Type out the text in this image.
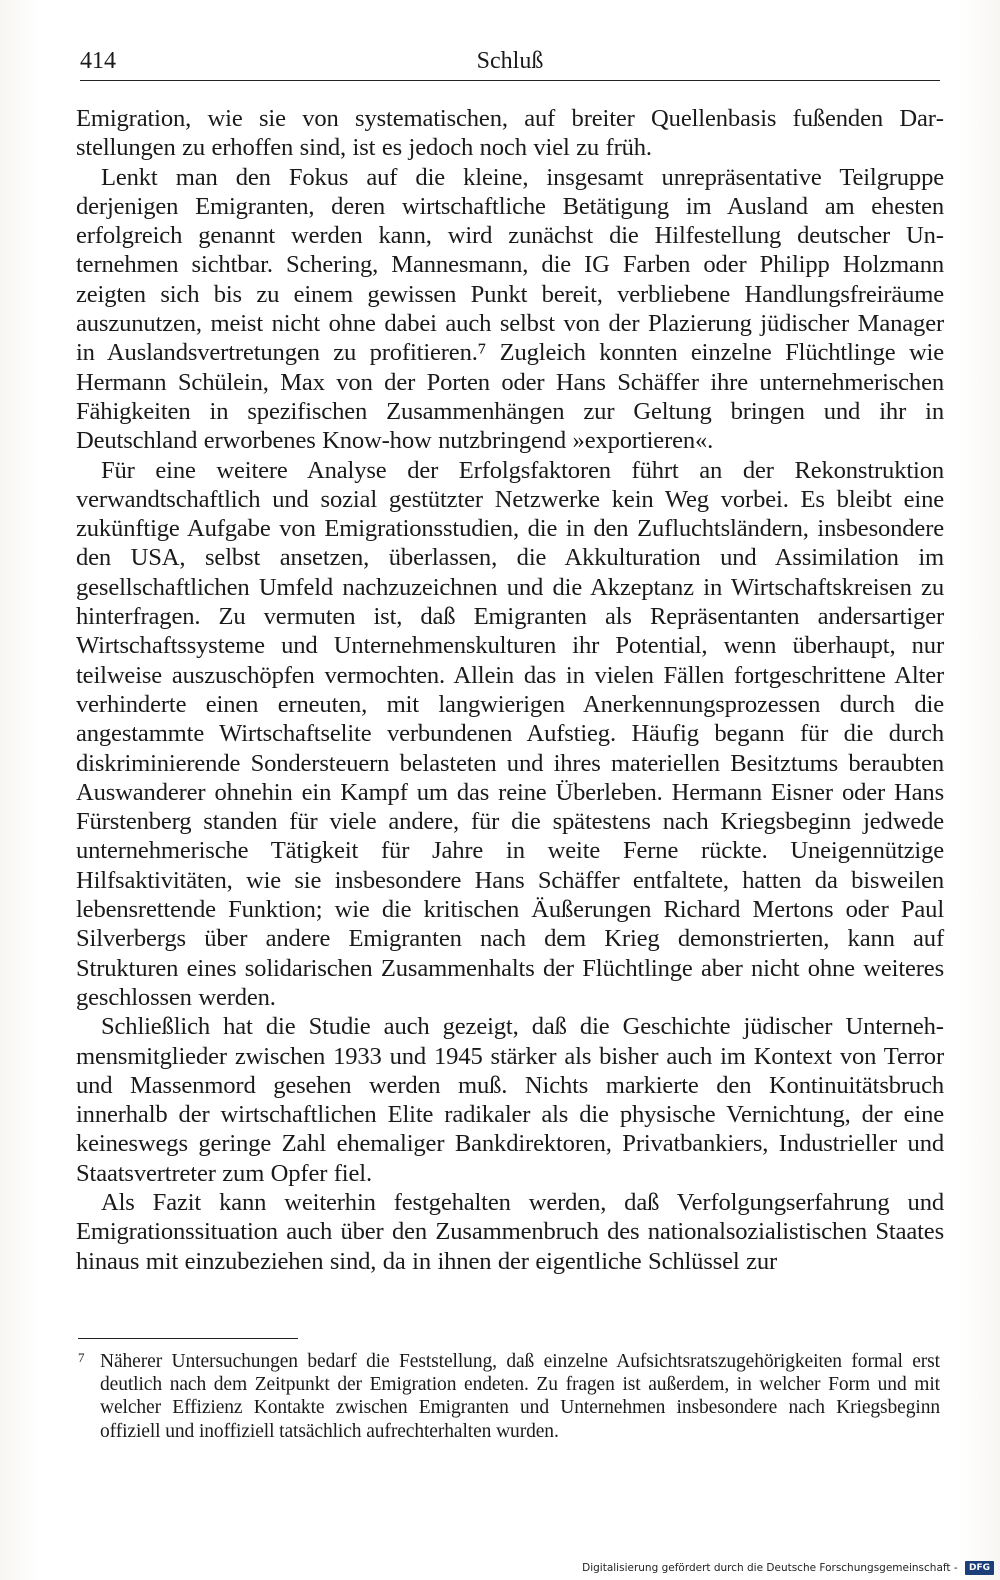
414	Schluß

Emigration, wie sie von systematischen, auf breiter Quellenbasis fußenden Darstellungen zu erhoffen sind, ist es jedoch noch viel zu früh.

Lenkt man den Fokus auf die kleine, insgesamt unrepräsentative Teilgruppe derjenigen Emigranten, deren wirtschaftliche Betätigung im Ausland am ehesten erfolgreich genannt werden kann, wird zunächst die Hilfestellung deutscher Unternehmen sichtbar. Schering, Mannesmann, die IG Farben oder Philipp Holzmann zeigten sich bis zu einem gewissen Punkt bereit, verbliebene Handlungsfreiräume auszunutzen, meist nicht ohne dabei auch selbst von der Plazierung jüdischer Manager in Auslandsvertretungen zu profitieren.⁷ Zugleich konnten einzelne Flüchtlinge wie Hermann Schülein, Max von der Porten oder Hans Schäffer ihre unternehmerischen Fähigkeiten in spezifischen Zusammenhängen zur Geltung bringen und ihr in Deutschland erworbenes Know-how nutzbringend »exportieren«.

Für eine weitere Analyse der Erfolgsfaktoren führt an der Rekonstruktion verwandtschaftlich und sozial gestützter Netzwerke kein Weg vorbei. Es bleibt eine zukünftige Aufgabe von Emigrationsstudien, die in den Zufluchtsländern, insbesondere den USA, selbst ansetzen, überlassen, die Akkulturation und Assimilation im gesellschaftlichen Umfeld nachzuzeichnen und die Akzeptanz in Wirtschaftskreisen zu hinterfragen. Zu vermuten ist, daß Emigranten als Repräsentanten andersartiger Wirtschaftssysteme und Unternehmenskulturen ihr Potential, wenn überhaupt, nur teilweise auszuschöpfen vermochten. Allein das in vielen Fällen fortgeschrittene Alter verhinderte einen erneuten, mit langwierigen Anerkennungsprozessen durch die angestammte Wirtschaftselite verbundenen Aufstieg. Häufig begann für die durch diskriminierende Sondersteuern belasteten und ihres materiellen Besitztums beraubten Auswanderer ohnehin ein Kampf um das reine Überleben. Hermann Eisner oder Hans Fürstenberg standen für viele andere, für die spätestens nach Kriegsbeginn jedwede unternehmerische Tätigkeit für Jahre in weite Ferne rückte. Uneigennützige Hilfsaktivitäten, wie sie insbesondere Hans Schäffer entfaltete, hatten da bisweilen lebensrettende Funktion; wie die kritischen Äußerungen Richard Mertons oder Paul Silverbergs über andere Emigranten nach dem Krieg demonstrierten, kann auf Strukturen eines solidarischen Zusammenhalts der Flüchtlinge aber nicht ohne weiteres geschlossen werden.

Schließlich hat die Studie auch gezeigt, daß die Geschichte jüdischer Unternehmensmitglieder zwischen 1933 und 1945 stärker als bisher auch im Kontext von Terror und Massenmord gesehen werden muß. Nichts markierte den Kontinuitätsbruch innerhalb der wirtschaftlichen Elite radikaler als die physische Vernichtung, der eine keineswegs geringe Zahl ehemaliger Bankdirektoren, Privatbankiers, Industrieller und Staatsvertreter zum Opfer fiel.

Als Fazit kann weiterhin festgehalten werden, daß Verfolgungserfahrung und Emigrationssituation auch über den Zusammenbruch des nationalsozialistischen Staates hinaus mit einzubeziehen sind, da in ihnen der eigentliche Schlüssel zur

7 Näherer Untersuchungen bedarf die Feststellung, daß einzelne Aufsichtsratszugehörigkeiten formal erst deutlich nach dem Zeitpunkt der Emigration endeten. Zu fragen ist außerdem, in welcher Form und mit welcher Effizienz Kontakte zwischen Emigranten und Unternehmen insbesondere nach Kriegsbeginn offiziell und inoffiziell tatsächlich aufrechterhalten wurden.

Digitalisierung gefördert durch die Deutsche Forschungsgemeinschaft - DFG
